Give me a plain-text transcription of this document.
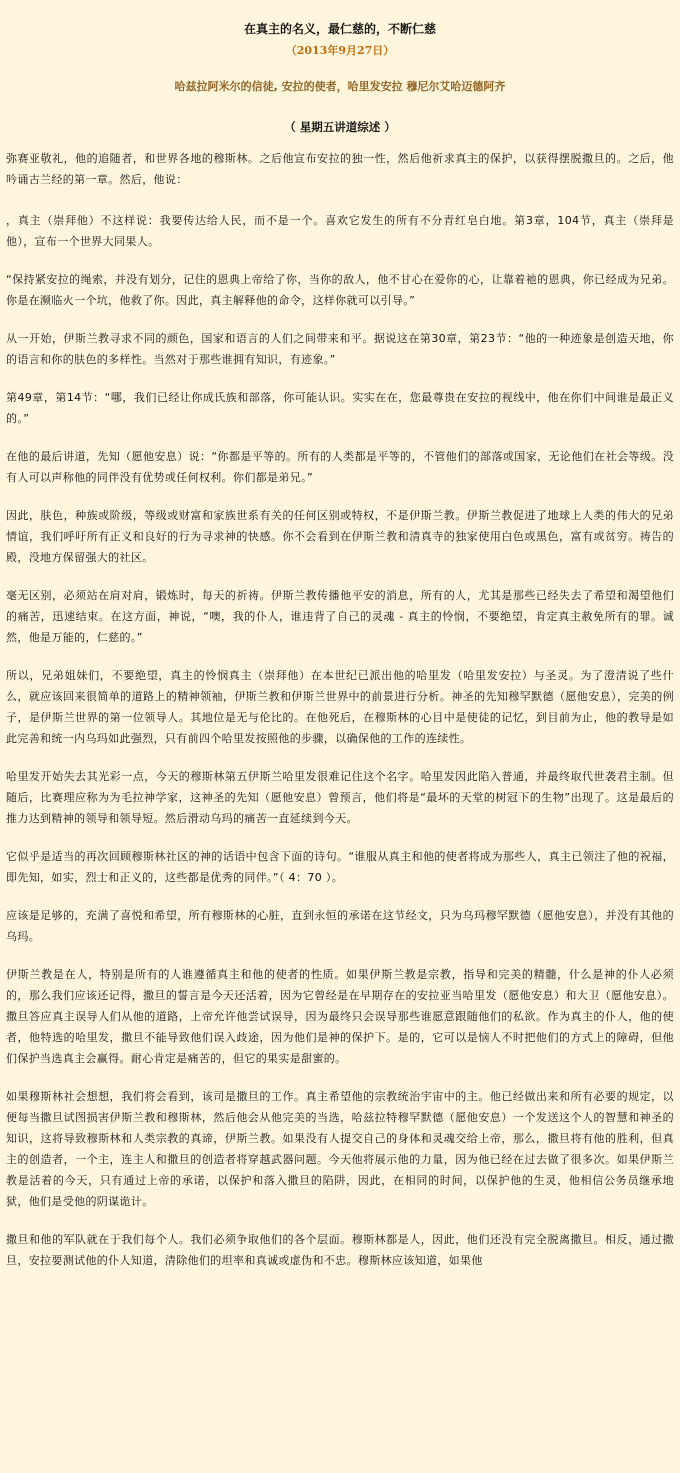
在真主的名义，最仁慈的，不断仁慈
（2013年9月27日）
哈兹拉阿米尔的信徒, 安拉的使者，哈里发安拉 穆尼尔艾哈迈德阿齐
（ 星期五讲道综述 ）

弥赛亚敬礼，他的追随者，和世界各地的穆斯林。之后他宣布安拉的独一性，然后他祈求真主的保护，以获得摆脱撒旦的。之后，他吟诵古兰经的第一章。然后，他说：

，真主（崇拜他）不这样说：我要传达给人民，而不是一个。喜欢它发生的所有不分青红皂白地。第3章，104节，真主（崇拜是他），宣布一个世界大同果人。

“保持紧安拉的绳索，并没有划分，记住的恩典上帝给了你，当你的敌人，他不甘心在爱你的心，让靠着祂的恩典，你已经成为兄弟。你是在濒临火一个坑，他救了你。因此，真主解释他的命令，这样你就可以引导。”

从一开始，伊斯兰教寻求不同的颜色，国家和语言的人们之间带来和平。据说这在第30章，第23节：“他的一种迹象是创造天地，你的语言和你的肤色的多样性。当然对于那些谁拥有知识，有迹象。”

第49章，第14节：“哪，我们已经让你成氏族和部落，你可能认识。实实在在，您最尊贵在安拉的视线中，他在你们中间谁是最正义的。”

在他的最后讲道，先知（愿他安息）说：“你都是平等的。所有的人类都是平等的，不管他们的部落或国家，无论他们在社会等级。没有人可以声称他的同伴没有优势或任何权利。你们都是弟兄。”

因此，肤色，种族或阶级，等级或财富和家族世系有关的任何区别或特权，不是伊斯兰教。伊斯兰教促进了地球上人类的伟大的兄弟情谊，我们呼吁所有正义和良好的行为寻求神的快感。你不会看到在伊斯兰教和清真寺的独家使用白色或黑色，富有或贫穷。祷告的殿，没地方保留强大的社区。

毫无区别，必须站在肩对肩，锻炼时，每天的祈祷。伊斯兰教传播他平安的消息，所有的人，尤其是那些已经失去了希望和渴望他们的痛苦，迅速结束。在这方面，神说，“噢，我的仆人，谁违背了自己的灵魂 - 真主的怜悯，不要绝望，肯定真主赦免所有的罪。诚然，他是万能的，仁慈的。”

所以，兄弟姐妹们，不要绝望，真主的怜悯真主（崇拜他）在本世纪已派出他的哈里发（哈里发安拉）与圣灵。为了澄清说了些什么，就应该回来很简单的道路上的精神领袖，伊斯兰教和伊斯兰世界中的前景进行分析。神圣的先知穆罕默德（愿他安息），完美的例子，是伊斯兰世界的第一位领导人。其地位是无与伦比的。在他死后，在穆斯林的心目中是使徒的记忆，到目前为止，他的教导是如此完善和统一内乌玛如此强烈，只有前四个哈里发按照他的步骤，以确保他的工作的连续性。

哈里发开始失去其光彩一点，今天的穆斯林第五伊斯兰哈里发很难记住这个名字。哈里发因此陷入普通，并最终取代世袭君主制。但随后，比赛理应称为为毛拉神学家，这神圣的先知（愿他安息）曾预言，他们将是“最坏的天堂的树冠下的生物”出现了。这是最后的推力达到精神的领导和领导短。然后滑动乌玛的痛苦一直延续到今天。

它似乎是适当的再次回顾穆斯林社区的神的话语中包含下面的诗句。“谁服从真主和他的使者将成为那些人，真主已领注了他的祝福，即先知，如实，烈士和正义的，这些都是优秀的同伴。”（ 4：70 ）。

应该是足够的，充满了喜悦和希望，所有穆斯林的心脏，直到永恒的承诺在这节经文，只为乌玛穆罕默德（愿他安息），并没有其他的乌玛。

伊斯兰教是在人，特别是所有的人谁遵循真主和他的使者的性质。如果伊斯兰教是宗教，指导和完美的精髓，什么是神的仆人必须的，那么我们应该还记得，撒旦的誓言是今天还活着，因为它曾经是在早期存在的安拉亚当哈里发（愿他安息）和大卫（愿他安息）。撒旦答应真主误导人们从他的道路，上帝允许他尝试误导，因为最终只会误导那些谁愿意跟随他们的私欲。作为真主的仆人，他的使者，他特选的哈里发，撒旦不能导致他们误入歧途，因为他们是神的保护下。是的，它可以是恼人不时把他们的方式上的障碍，但他们保护当选真主会赢得。耐心肯定是痛苦的，但它的果实是甜蜜的。

如果穆斯林社会想想，我们将会看到，该司是撒旦的工作。真主希望他的宗教统治宇宙中的主。他已经做出来和所有必要的规定，以便每当撒旦试图损害伊斯兰教和穆斯林，然后他会从他完美的当选，哈兹拉特穆罕默德（愿他安息）一个发送这个人的智慧和神圣的知识，这将导致穆斯林和人类宗教的真谛，伊斯兰教。如果没有人提交自己的身体和灵魂交给上帝，那么，撒旦将有他的胜利，但真主的创造者，一个主，连主人和撒旦的创造者将穿越武器问题。今天他将展示他的力量，因为他已经在过去做了很多次。如果伊斯兰教是活着的今天，只有通过上帝的承诺，以保护和落入撒旦的陷阱，因此，在相同的时间，以保护他的生灵，他相信公务员继承地狱，他们是受他的阴谋诡计。

撒旦和他的军队就在于我们每个人。我们必须争取他们的各个层面。穆斯林都是人，因此，他们还没有完全脱离撒旦。相反，通过撒旦，安拉要测试他的仆人知道，清除他们的坦率和真诚或虚伪和不忠。穆斯林应该知道，如果他
